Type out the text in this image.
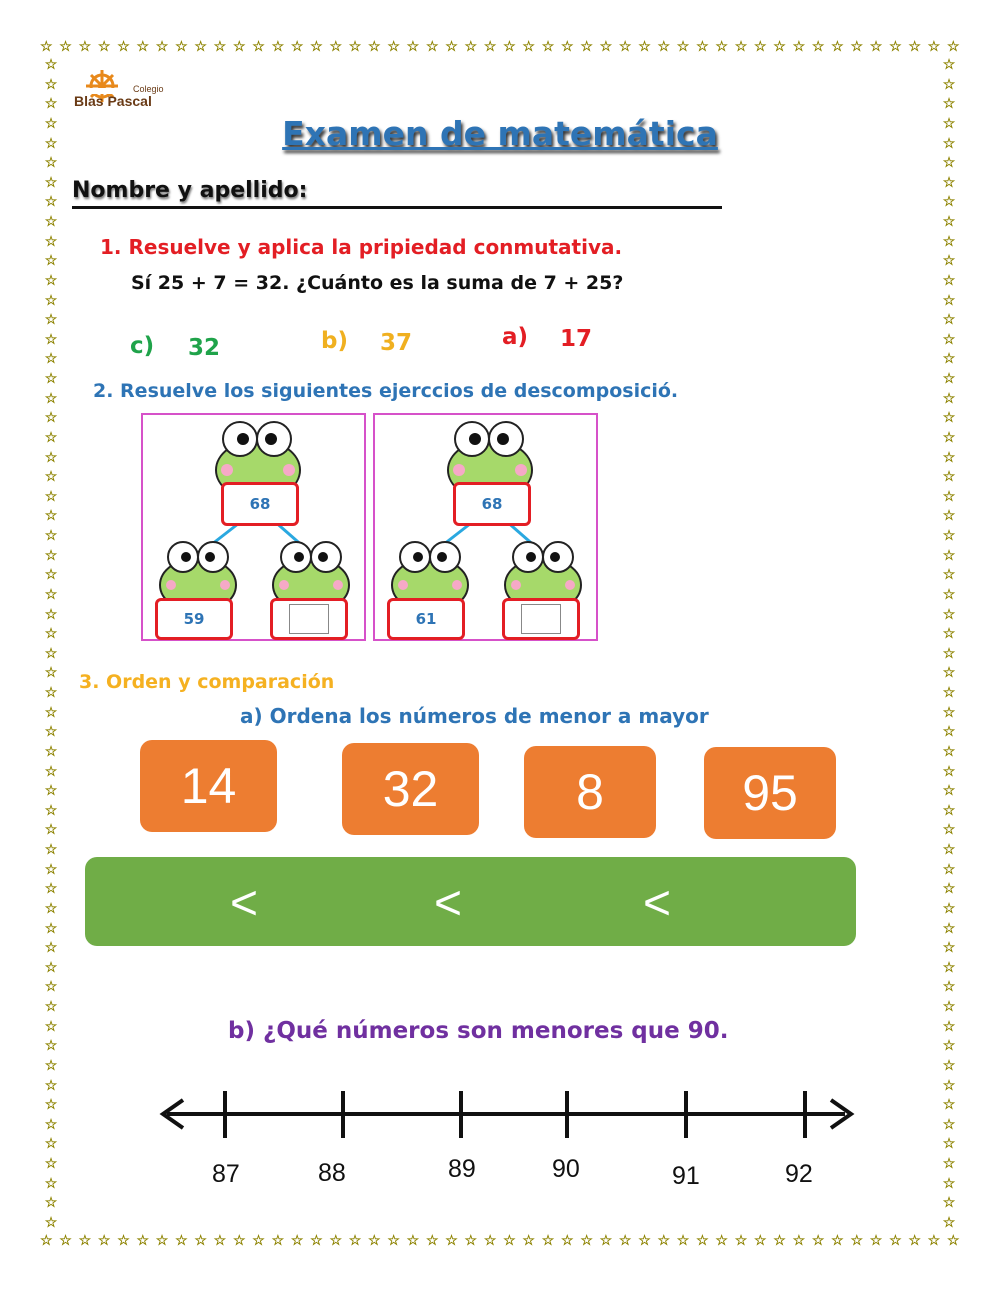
☆ ☆ ☆ ☆ ☆ ☆ ☆ ☆ ☆ ☆ ☆ ☆ ☆ ☆ ☆ ☆ ☆ ☆ ☆ ☆ ☆ ☆ ☆ ☆ ☆ ☆ ☆ ☆ ☆ ☆ ☆ ☆ ☆ ☆ ☆ ☆ ☆ ☆ ☆ ☆ ☆ ☆ ☆ ☆ ☆ ☆ ☆ ☆
☆ ☆ ☆ ☆ ☆ ☆ ☆ ☆ ☆ ☆ ☆ ☆ ☆ ☆ ☆ ☆ ☆ ☆ ☆ ☆ ☆ ☆ ☆ ☆ ☆ ☆ ☆ ☆ ☆ ☆ ☆ ☆ ☆ ☆ ☆ ☆ ☆ ☆ ☆ ☆ ☆ ☆ ☆ ☆ ☆ ☆ ☆ ☆
☆
☆
☆
☆
☆
☆
☆
☆
☆
☆
☆
☆
☆
☆
☆
☆
☆
☆
☆
☆
☆
☆
☆
☆
☆
☆
☆
☆
☆
☆
☆
☆
☆
☆
☆
☆
☆
☆
☆
☆
☆
☆
☆
☆
☆
☆
☆
☆
☆
☆
☆
☆
☆
☆
☆
☆
☆
☆
☆
☆
☆
☆
☆
☆
☆
☆
☆
☆
☆
☆
☆
☆
☆
☆
☆
☆
☆
☆
☆
☆
☆
☆
☆
☆
☆
☆
☆
☆
☆
☆
☆
☆
☆
☆
☆
☆
☆
☆
☆
☆
☆
☆
☆
☆
☆
☆
☆
☆
☆
☆
☆
☆
☆
☆
☆
☆
☆
☆
☆
☆
Colegio
Blas Pascal
Examen de matemática
Nombre y apellido:
1. Resuelve y aplica la pripiedad conmutativa.
Sí 25 + 7 = 32. ¿Cuánto es la suma de 7 + 25?
c) 32	b) 37	a) 17
2. Resuelve los siguientes ejerccios de descomposició.
68
59
68
61
3. Orden y comparación
a) Ordena los números de menor a mayor
14	32	8	95
<	<	<
b) ¿Qué números son menores que 90.
87	88	89	90	91	92
